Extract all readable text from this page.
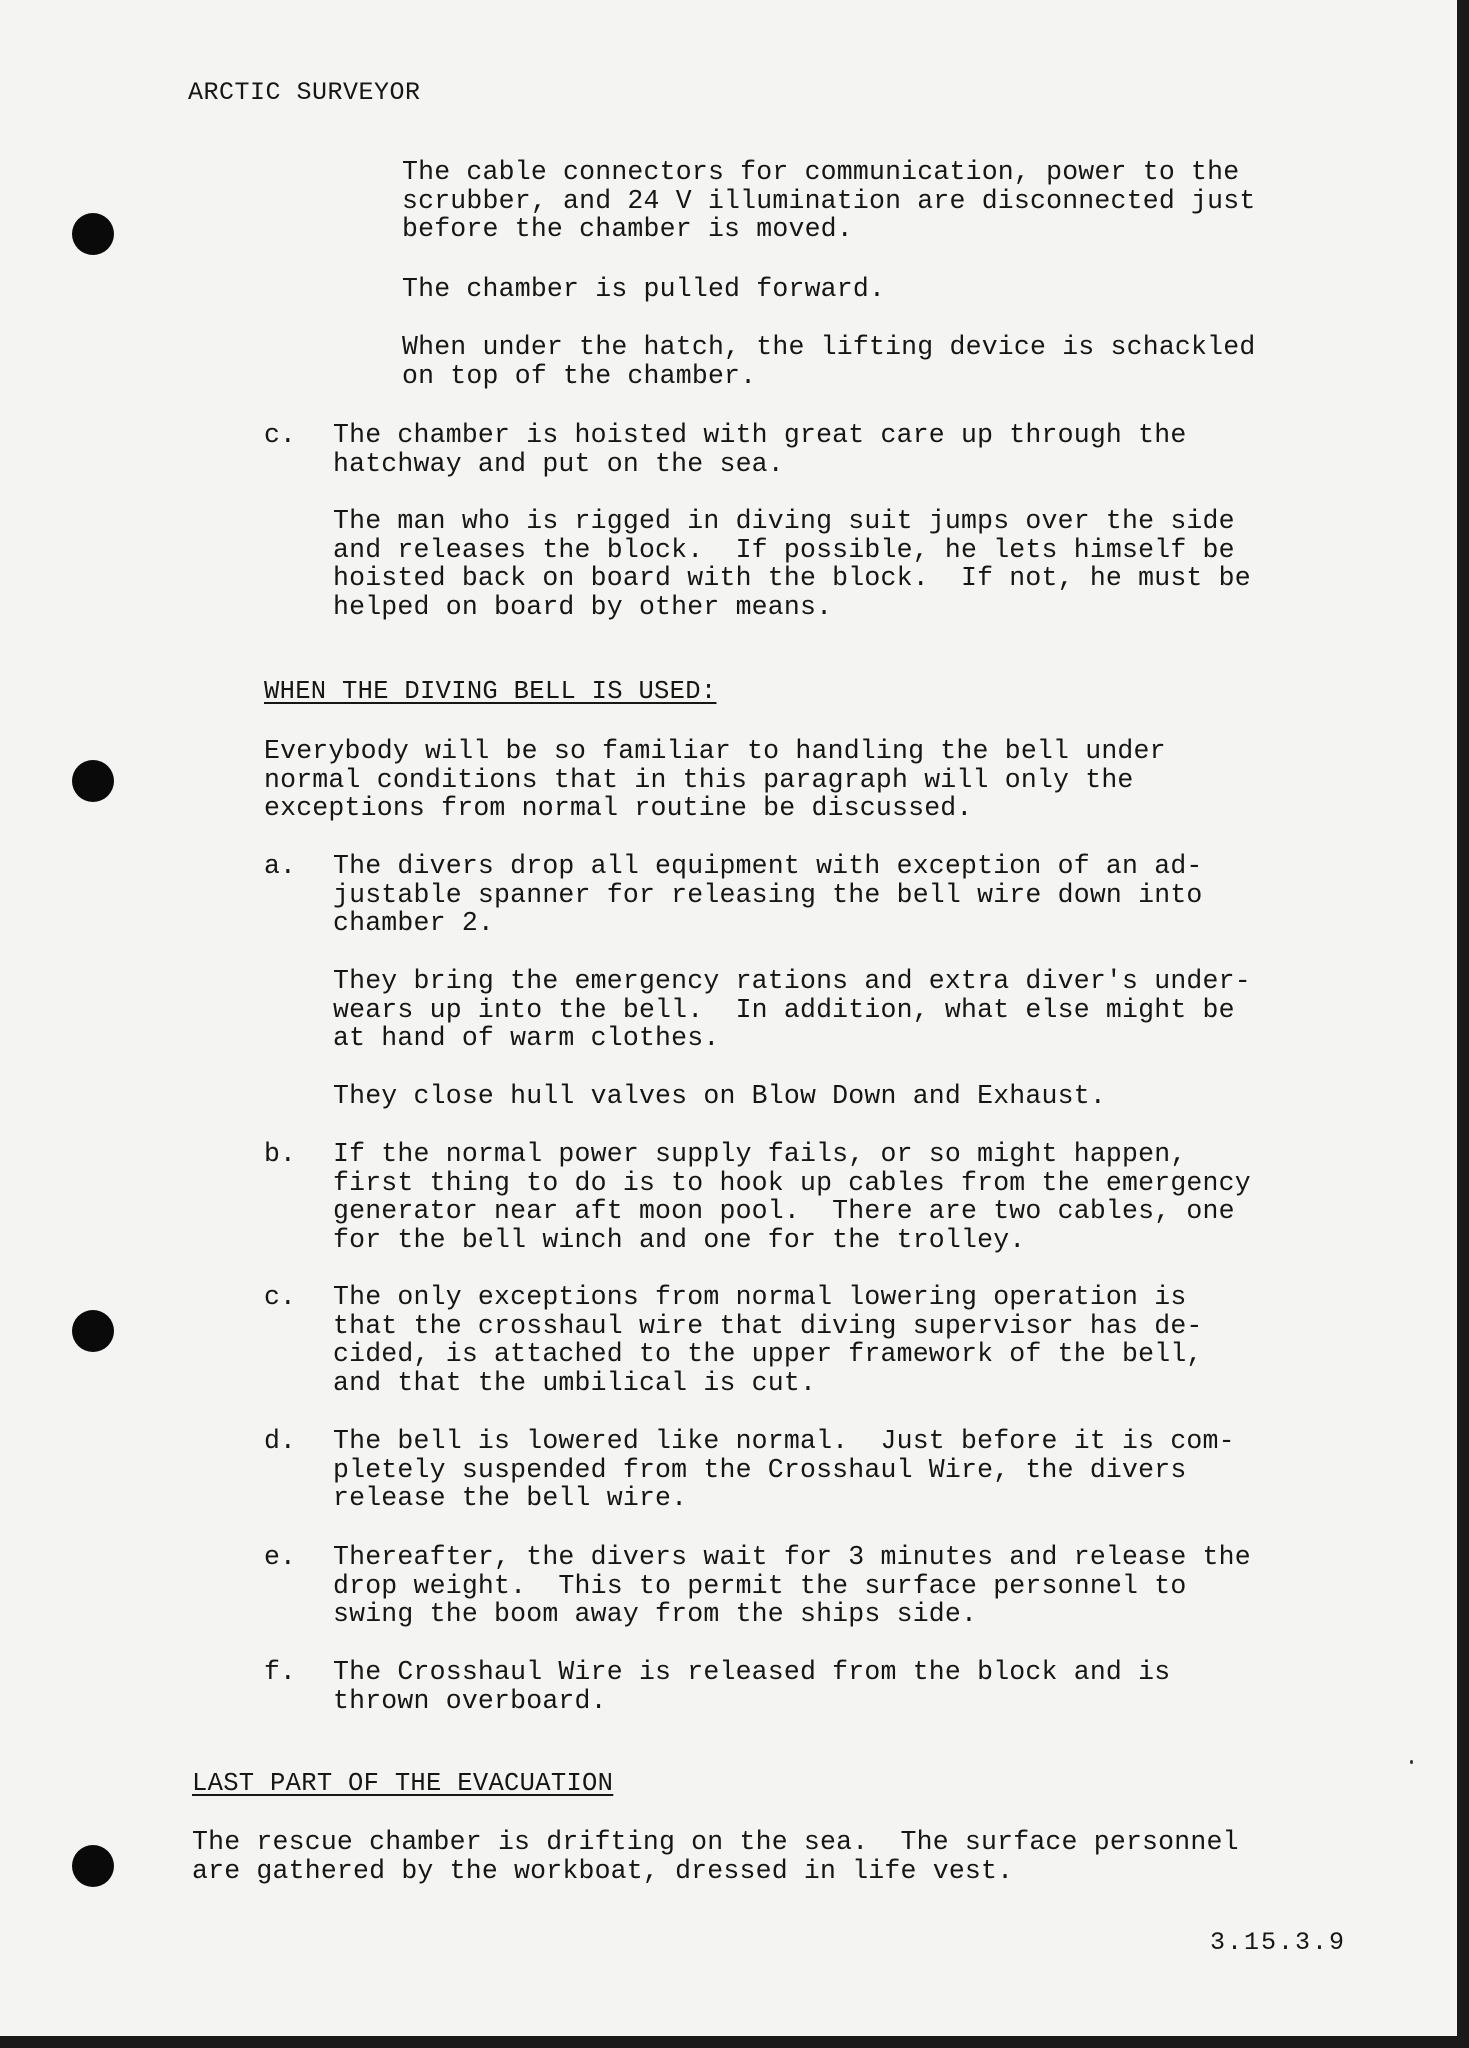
ARCTIC SURVEYOR
The cable connectors for communication, power to the
scrubber, and 24 V illumination are disconnected just
before the chamber is moved.
The chamber is pulled forward.
When under the hatch, the lifting device is schackled
on top of the chamber.
c. The chamber is hoisted with great care up through the
hatchway and put on the sea.
The man who is rigged in diving suit jumps over the side
and releases the block.  If possible, he lets himself be
hoisted back on board with the block.  If not, he must be
helped on board by other means.
WHEN THE DIVING BELL IS USED:
Everybody will be so familiar to handling the bell under
normal conditions that in this paragraph will only the
exceptions from normal routine be discussed.
a. The divers drop all equipment with exception of an ad-
justable spanner for releasing the bell wire down into
chamber 2.
They bring the emergency rations and extra diver's under-
wears up into the bell.  In addition, what else might be
at hand of warm clothes.
They close hull valves on Blow Down and Exhaust.
b. If the normal power supply fails, or so might happen,
first thing to do is to hook up cables from the emergency
generator near aft moon pool.  There are two cables, one
for the bell winch and one for the trolley.
c. The only exceptions from normal lowering operation is
that the crosshaul wire that diving supervisor has de-
cided, is attached to the upper framework of the bell,
and that the umbilical is cut.
d. The bell is lowered like normal.  Just before it is com-
pletely suspended from the Crosshaul Wire, the divers
release the bell wire.
e. Thereafter, the divers wait for 3 minutes and release the
drop weight.  This to permit the surface personnel to
swing the boom away from the ships side.
f. The Crosshaul Wire is released from the block and is
thrown overboard.
LAST PART OF THE EVACUATION
The rescue chamber is drifting on the sea.  The surface personnel
are gathered by the workboat, dressed in life vest.
3.15.3.9
